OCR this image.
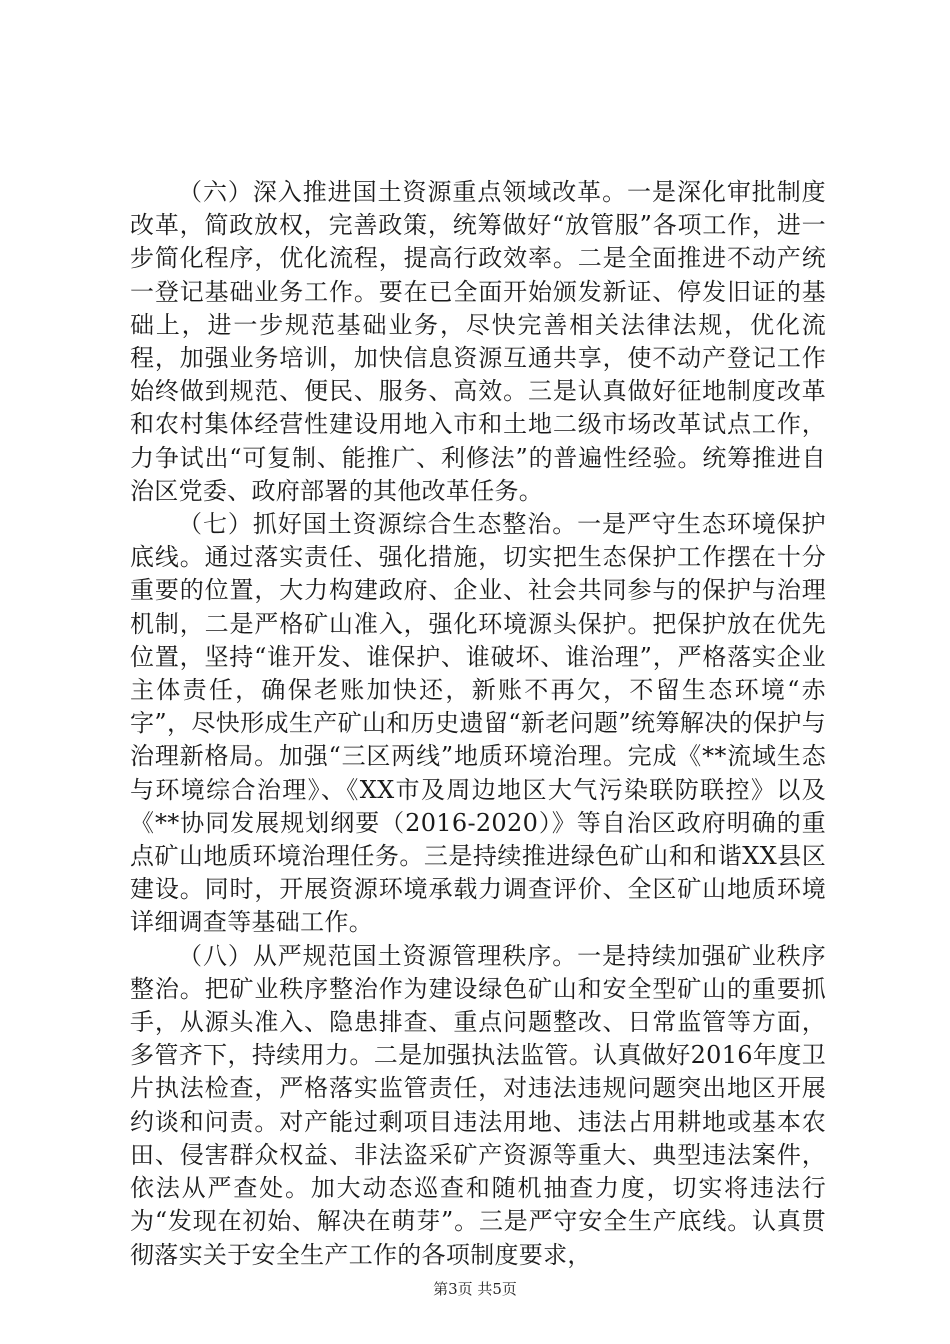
（六）深入推进国土资源重点领域改革。一是深化审批制度改革，简政放权，完善政策，统筹做好“放管服”各项工作，进一步简化程序，优化流程，提高行政效率。二是全面推进不动产统一登记基础业务工作。要在已全面开始颁发新证、停发旧证的基础上，进一步规范基础业务，尽快完善相关法律法规，优化流程，加强业务培训，加快信息资源互通共享，使不动产登记工作始终做到规范、便民、服务、高效。三是认真做好征地制度改革和农村集体经营性建设用地入市和土地二级市场改革试点工作，力争试出“可复制、能推广、利修法”的普遍性经验。统筹推进自治区党委、政府部署的其他改革任务。

（七）抓好国土资源综合生态整治。一是严守生态环境保护底线。通过落实责任、强化措施，切实把生态保护工作摆在十分重要的位置，大力构建政府、企业、社会共同参与的保护与治理机制，二是严格矿山准入，强化环境源头保护。把保护放在优先位置，坚持“谁开发、谁保护、谁破坏、谁治理”，严格落实企业主体责任，确保老账加快还，新账不再欠，不留生态环境“赤字”，尽快形成生产矿山和历史遗留“新老问题”统筹解决的保护与治理新格局。加强“三区两线”地质环境治理。完成《**流域生态与环境综合治理》、《XX市及周边地区大气污染联防联控》以及《**协同发展规划纲要（2016-2020）》等自治区政府明确的重点矿山地质环境治理任务。三是持续推进绿色矿山和和谐XX县区建设。同时，开展资源环境承载力调查评价、全区矿山地质环境详细调查等基础工作。

（八）从严规范国土资源管理秩序。一是持续加强矿业秩序整治。把矿业秩序整治作为建设绿色矿山和安全型矿山的重要抓手，从源头准入、隐患排查、重点问题整改、日常监管等方面，多管齐下，持续用力。二是加强执法监管。认真做好2016年度卫片执法检查，严格落实监管责任，对违法违规问题突出地区开展约谈和问责。对产能过剩项目违法用地、违法占用耕地或基本农田、侵害群众权益、非法盗采矿产资源等重大、典型违法案件，依法从严查处。加大动态巡查和随机抽查力度，切实将违法行为“发现在初始、解决在萌芽”。三是严守安全生产底线。认真贯彻落实关于安全生产工作的各项制度要求，

第3页 共5页
